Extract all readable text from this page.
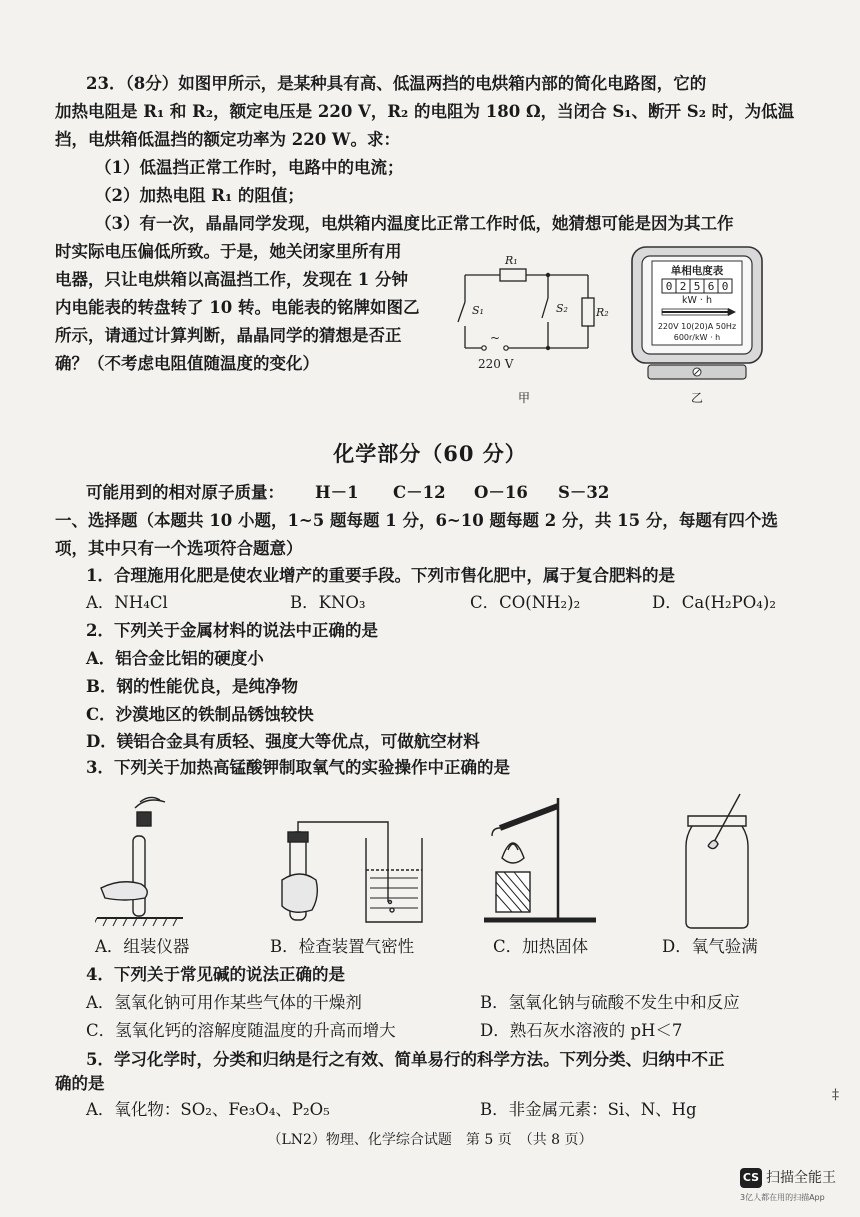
23．（8分）如图甲所示，是某种具有高、低温两挡的电烘箱内部的简化电路图，它的
加热电阻是 R₁ 和 R₂，额定电压是 220 V，R₂ 的电阻为 180 Ω，当闭合 S₁、断开 S₂ 时，为低温
挡，电烘箱低温挡的额定功率为 220 W。求：
（1）低温挡正常工作时，电路中的电流；
（2）加热电阻 R₁ 的阻值；
（3）有一次，晶晶同学发现，电烘箱内温度比正常工作时低，她猜想可能是因为其工作
时实际电压偏低所致。于是，她关闭家里所有用
电器，只让电烘箱以高温挡工作，发现在 1 分钟
内电能表的转盘转了 10 转。电能表的铭牌如图乙
所示，请通过计算判断，晶晶同学的猜想是否正
确？（不考虑电阻值随温度的变化）
R₁
S₁	S₂	R₂
~
220 V
甲
单相电度表
0 2 5 6 0
kW · h
220V 10(20)A 50Hz
600r/kW · h
乙
化学部分（60 分）
可能用到的相对原子质量： H－1 C－12 O－16 S－32
一、选择题（本题共 10 小题，1~5 题每题 1 分，6~10 题每题 2 分，共 15 分，每题有四个选
项，其中只有一个选项符合题意）
1．合理施用化肥是使农业增产的重要手段。下列市售化肥中，属于复合肥料的是
A．NH₄Cl	B．KNO₃	C．CO(NH₂)₂	D．Ca(H₂PO₄)₂
2．下列关于金属材料的说法中正确的是
A．铝合金比铝的硬度小
B．钢的性能优良，是纯净物
C．沙漠地区的铁制品锈蚀较快
D．镁铝合金具有质轻、强度大等优点，可做航空材料
3．下列关于加热高锰酸钾制取氧气的实验操作中正确的是
A．组装仪器	B．检查装置气密性	C．加热固体	D．氧气验满
4．下列关于常见碱的说法正确的是
A．氢氧化钠可用作某些气体的干燥剂	B．氢氧化钠与硫酸不发生中和反应
C．氢氧化钙的溶解度随温度的升高而增大	D．熟石灰水溶液的 pH＜7
5．学习化学时，分类和归纳是行之有效、简单易行的科学方法。下列分类、归纳中不正
确的是
A．氧化物：SO₂、Fe₃O₄、P₂O₅	B．非金属元素：Si、N、Hg
‡
（LN2）物理、化学综合试题　第 5 页　（共 8 页）
CS 扫描全能王
3亿人都在用的扫描App
